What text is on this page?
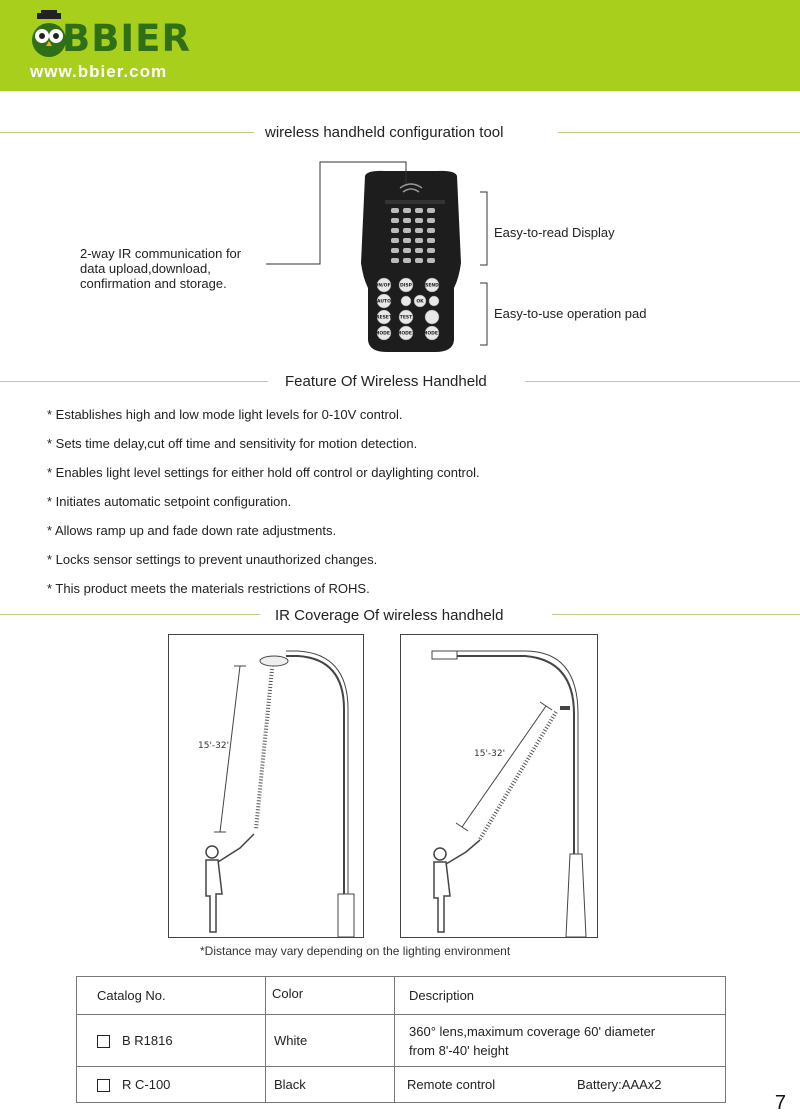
BBIER
www.bbier.com
wireless handheld configuration tool
ON/OFF DISP	SEND
AUTO	OK
RESET TEST
MODE1 MODE2 MODE3
2-way IR communication for
data upload,download,
confirmation and storage.
Easy-to-read Display
Easy-to-use operation pad
Feature Of Wireless Handheld
* Establishes high and low mode light levels for 0-10V control.
* Sets time delay,cut off time and sensitivity for motion detection.
* Enables light level settings for either hold off control or daylighting control.
* Initiates automatic setpoint configuration.
* Allows ramp up and fade down rate adjustments.
* Locks sensor settings to prevent unauthorized changes.
* This product meets the materials restrictions of ROHS.
IR Coverage Of wireless handheld
15'-32'
15'-32'
*Distance may vary depending on the lighting environment
Catalog No.	Color	Description
B R1816	White	360° lens,maximum coverage 60' diameter
from 8'-40' height

R C-100	Black	Remote control Battery:AAAx2
7
